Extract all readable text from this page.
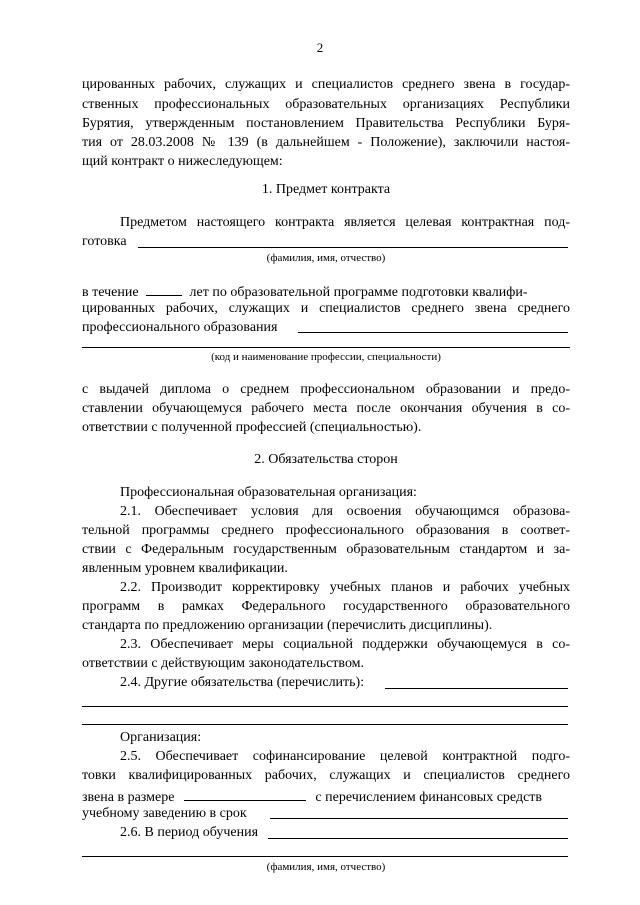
2
цированных рабочих, служащих и специалистов среднего звена в государ-
ственных профессиональных образовательных организациях Республики
Бурятия, утвержденным постановлением Правительства Республики Буря-
тия от 28.03.2008 № 139 (в дальнейшем - Положение), заключили настоя-
щий контракт о нижеследующем:
1. Предмет контракта
Предметом настоящего контракта является целевая контрактная под-
готовка
(фамилия, имя, отчество)
в течение	лет по образовательной программе подготовки квалифи-
цированных рабочих, служащих и специалистов среднего звена среднего
профессионального образования
(код и наименование профессии, специальности)
с выдачей диплома о среднем профессиональном образовании и предо-
ставлении обучающемуся рабочего места после окончания обучения в со-
ответствии с полученной профессией (специальностью).
2. Обязательства сторон
Профессиональная образовательная организация:
2.1. Обеспечивает условия для освоения обучающимся образова-
тельной программы среднего профессионального образования в соответ-
ствии с Федеральным государственным образовательным стандартом и за-
явленным уровнем квалификации.
2.2. Производит корректировку учебных планов и рабочих учебных
программ в рамках Федерального государственного образовательного
стандарта по предложению организации (перечислить дисциплины).
2.3. Обеспечивает меры социальной поддержки обучающемуся в со-
ответствии с действующим законодательством.
2.4. Другие обязательства (перечислить):
Организация:
2.5. Обеспечивает софинансирование целевой контрактной подго-
товки квалифицированных рабочих, служащих и специалистов среднего
звена в размере	с перечислением финансовых средств
учебному заведению в срок
2.6. В период обучения
(фамилия, имя, отчество)
